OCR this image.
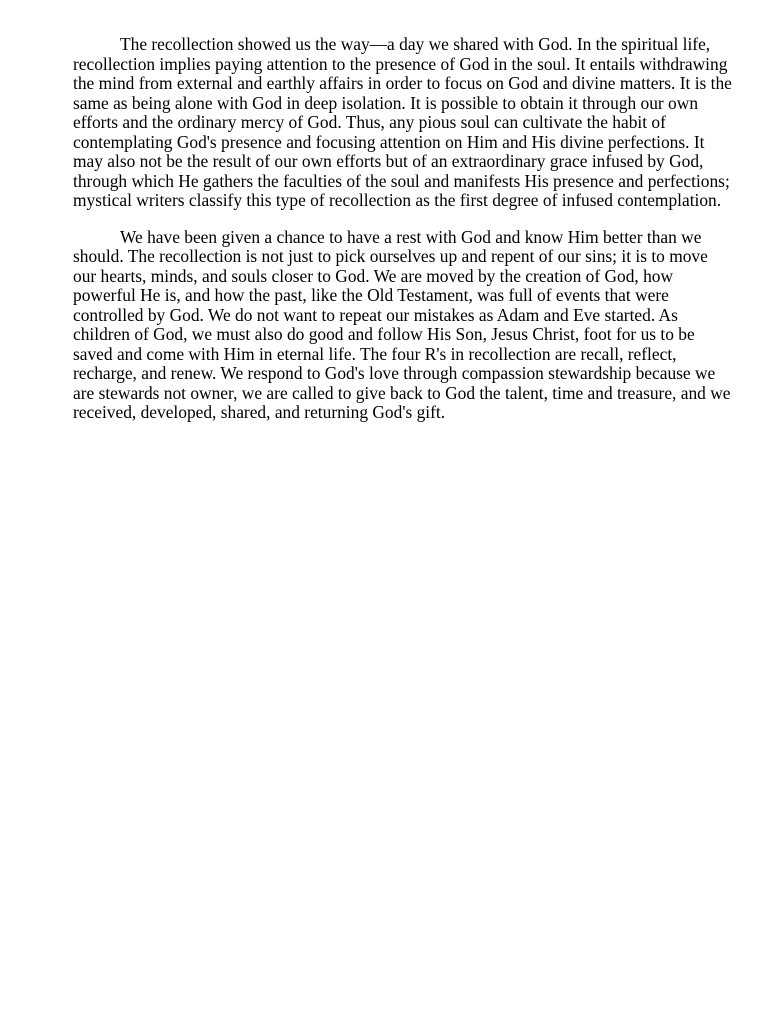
The recollection showed us the way—a day we shared with God. In the spiritual life, recollection implies paying attention to the presence of God in the soul. It entails withdrawing the mind from external and earthly affairs in order to focus on God and divine matters. It is the same as being alone with God in deep isolation. It is possible to obtain it through our own efforts and the ordinary mercy of God. Thus, any pious soul can cultivate the habit of contemplating God's presence and focusing attention on Him and His divine perfections. It may also not be the result of our own efforts but of an extraordinary grace infused by God, through which He gathers the faculties of the soul and manifests His presence and perfections; mystical writers classify this type of recollection as the first degree of infused contemplation.

We have been given a chance to have a rest with God and know Him better than we should. The recollection is not just to pick ourselves up and repent of our sins; it is to move our hearts, minds, and souls closer to God. We are moved by the creation of God, how powerful He is, and how the past, like the Old Testament, was full of events that were controlled by God. We do not want to repeat our mistakes as Adam and Eve started. As children of God, we must also do good and follow His Son, Jesus Christ, foot for us to be saved and come with Him in eternal life. The four R's in recollection are recall, reflect, recharge, and renew. We respond to God's love through compassion stewardship because we are stewards not owner, we are called to give back to God the talent, time and treasure, and we received, developed, shared, and returning God's gift.
